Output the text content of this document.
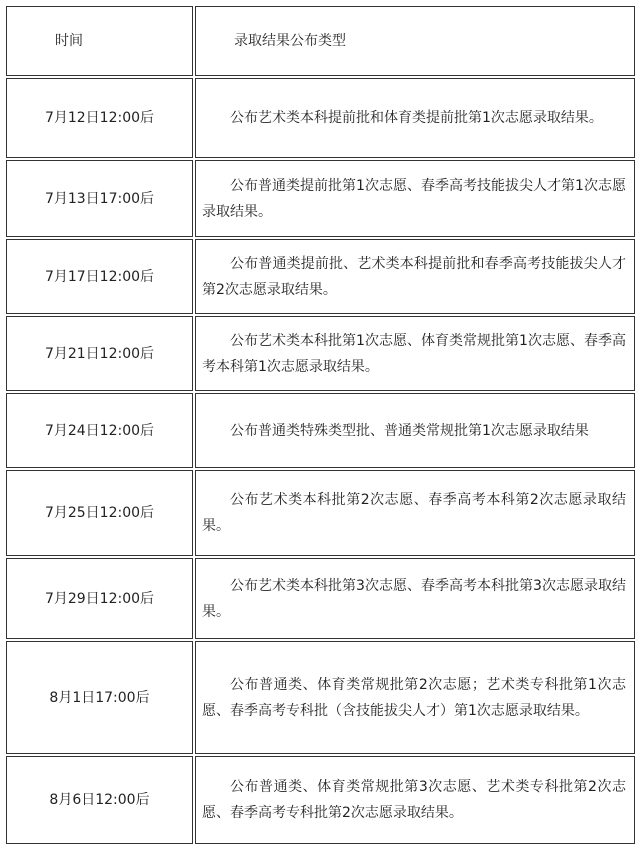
时间	录取结果公布类型
7月12日12:00后	公布艺术类本科提前批和体育类提前批第1次志愿录取结果。
7月13日17:00后	公布普通类提前批第1次志愿、春季高考技能拔尖人才第1次志愿录取结果。
7月17日12:00后	公布普通类提前批、艺术类本科提前批和春季高考技能拔尖人才第2次志愿录取结果。
7月21日12:00后	公布艺术类本科批第1次志愿、体育类常规批第1次志愿、春季高考本科第1次志愿录取结果。
7月24日12:00后	公布普通类特殊类型批、普通类常规批第1次志愿录取结果
7月25日12:00后	公布艺术类本科批第2次志愿、春季高考本科第2次志愿录取结果。
7月29日12:00后	公布艺术类本科批第3次志愿、春季高考本科批第3次志愿录取结果。
8月1日17:00后	公布普通类、体育类常规批第2次志愿；艺术类专科批第1次志愿、春季高考专科批（含技能拔尖人才）第1次志愿录取结果。
8月6日12:00后	公布普通类、体育类常规批第3次志愿、艺术类专科批第2次志愿、春季高考专科批第2次志愿录取结果。
